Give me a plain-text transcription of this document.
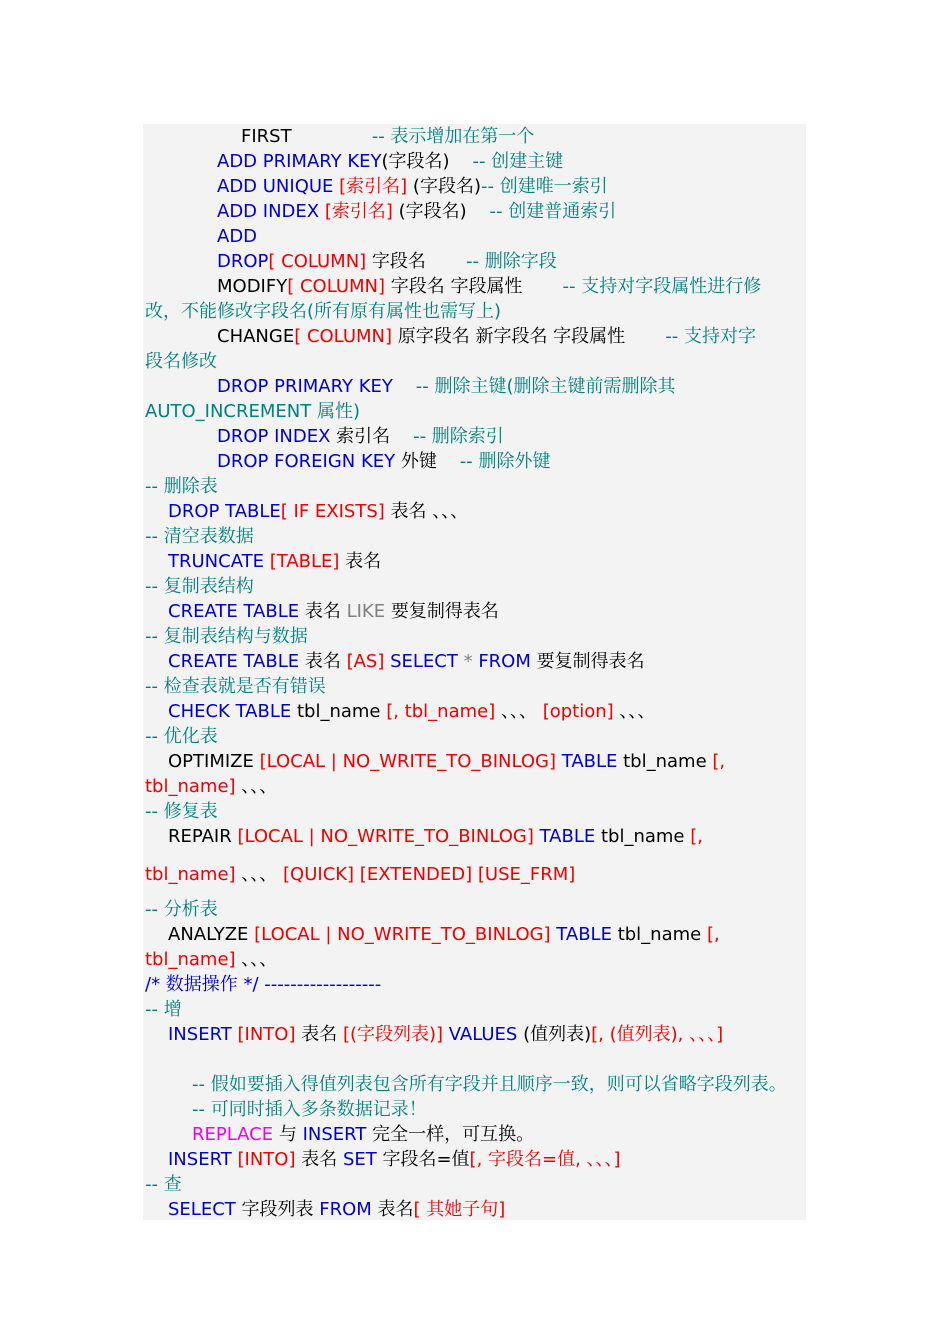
FIRST              -- 表示增加在第一个
ADD PRIMARY KEY(字段名)    -- 创建主键
ADD UNIQUE [索引名] (字段名)-- 创建唯一索引
ADD INDEX [索引名] (字段名)    -- 创建普通索引
ADD
DROP[ COLUMN] 字段名       -- 删除字段
MODIFY[ COLUMN] 字段名 字段属性       -- 支持对字段属性进行修
改，不能修改字段名(所有原有属性也需写上)
CHANGE[ COLUMN] 原字段名 新字段名 字段属性       -- 支持对字
段名修改
DROP PRIMARY KEY    -- 删除主键(删除主键前需删除其
AUTO_INCREMENT 属性)
DROP INDEX 索引名    -- 删除索引
DROP FOREIGN KEY 外键    -- 删除外键
-- 删除表
DROP TABLE[ IF EXISTS] 表名 、、、
-- 清空表数据
TRUNCATE [TABLE] 表名
-- 复制表结构
CREATE TABLE 表名 LIKE 要复制得表名
-- 复制表结构与数据
CREATE TABLE 表名 [AS] SELECT * FROM 要复制得表名
-- 检查表就是否有错误
CHECK TABLE tbl_name [, tbl_name] 、、、 [option] 、、、
-- 优化表
OPTIMIZE [LOCAL | NO_WRITE_TO_BINLOG] TABLE tbl_name [,
tbl_name] 、、、
-- 修复表
REPAIR [LOCAL | NO_WRITE_TO_BINLOG] TABLE tbl_name [,
tbl_name] 、、、 [QUICK] [EXTENDED] [USE_FRM]
-- 分析表
ANALYZE [LOCAL | NO_WRITE_TO_BINLOG] TABLE tbl_name [,
tbl_name] 、、、
/* 数据操作 */ ------------------
-- 增
INSERT [INTO] 表名 [(字段列表)] VALUES (值列表)[, (值列表), 、、、]
-- 假如要插入得值列表包含所有字段并且顺序一致，则可以省略字段列表。
-- 可同时插入多条数据记录！
REPLACE 与 INSERT 完全一样，可互换。
INSERT [INTO] 表名 SET 字段名=值[, 字段名=值, 、、、]
-- 查
SELECT 字段列表 FROM 表名[ 其她子句]
